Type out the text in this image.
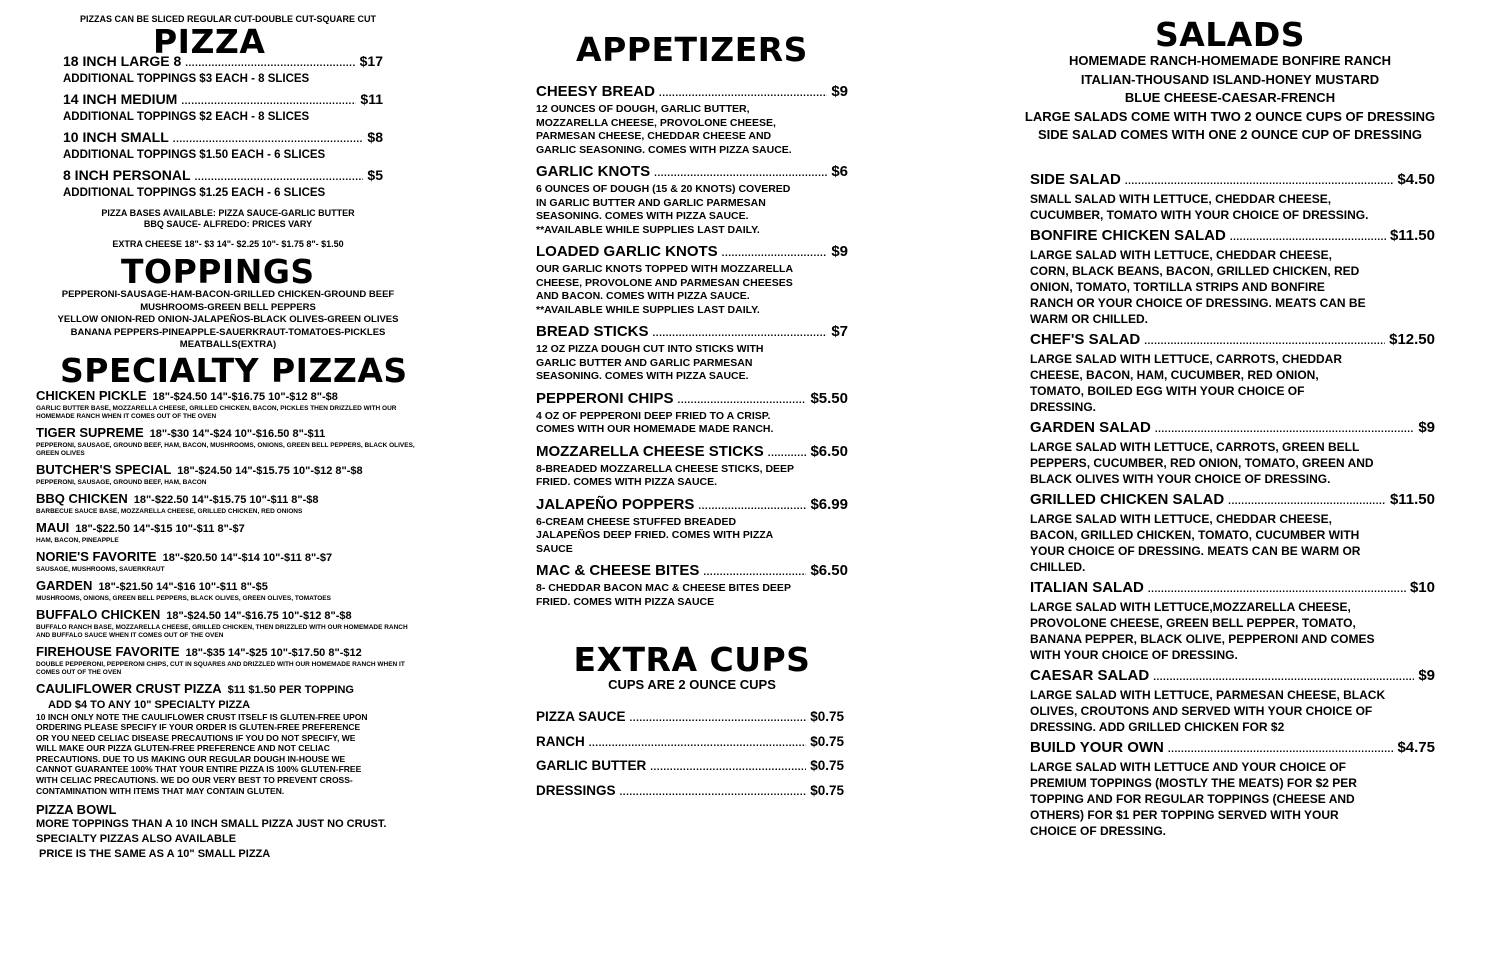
PIZZAS CAN BE SLICED REGULAR CUT-DOUBLE CUT-SQUARE CUT
PIZZA
18 INCH LARGE 8 .....	$17
ADDITIONAL TOPPINGS $3 EACH - 8 SLICES
14 INCH MEDIUM .....	$11
ADDITIONAL TOPPINGS $2 EACH - 8 SLICES
10 INCH SMALL .....	$8
ADDITIONAL TOPPINGS $1.50 EACH - 6 SLICES
8 INCH PERSONAL .....	$5
ADDITIONAL TOPPINGS $1.25 EACH - 6 SLICES
PIZZA BASES AVAILABLE: PIZZA SAUCE-GARLIC BUTTER
BBQ SAUCE- ALFREDO: PRICES VARY
EXTRA CHEESE 18"- $3 14"- $2.25 10"- $1.75 8"- $1.50
TOPPINGS
PEPPERONI-SAUSAGE-HAM-BACON-GRILLED CHICKEN-GROUND BEEF
MUSHROOMS-GREEN BELL PEPPERS
YELLOW ONION-RED ONION-JALAPEÑOS-BLACK OLIVES-GREEN OLIVES
BANANA PEPPERS-PINEAPPLE-SAUERKRAUT-TOMATOES-PICKLES
MEATBALLS(EXTRA)
SPECIALTY PIZZAS
CHICKEN PICKLE 18"-$24.50 14"-$16.75 10"-$12 8"-$8
GARLIC BUTTER BASE, MOZZARELLA CHEESE, GRILLED CHICKEN, BACON, PICKLES THEN DRIZZLED WITH OUR HOMEMADE RANCH WHEN IT COMES OUT OF THE OVEN
TIGER SUPREME 18"-$30 14"-$24 10"-$16.50 8"-$11
PEPPERONI, SAUSAGE, GROUND BEEF, HAM, BACON, MUSHROOMS, ONIONS, GREEN BELL PEPPERS, BLACK OLIVES, GREEN OLIVES
BUTCHER'S SPECIAL 18"-$24.50 14"-$15.75 10"-$12 8"-$8
PEPPERONI, SAUSAGE, GROUND BEEF, HAM, BACON
BBQ CHICKEN 18"-$22.50 14"-$15.75 10"-$11 8"-$8
BARBECUE SAUCE BASE, MOZZARELLA CHEESE, GRILLED CHICKEN, RED ONIONS
MAUI 18"-$22.50 14"-$15 10"-$11 8"-$7
HAM, BACON, PINEAPPLE
NORIE'S FAVORITE 18"-$20.50 14"-$14 10"-$11 8"-$7
SAUSAGE, MUSHROOMS, SAUERKRAUT
GARDEN 18"-$21.50 14"-$16 10"-$11 8"-$5
MUSHROOMS, ONIONS, GREEN BELL PEPPERS, BLACK OLIVES, GREEN OLIVES, TOMATOES
BUFFALO CHICKEN 18"-$24.50 14"-$16.75 10"-$12 8"-$8
BUFFALO RANCH BASE, MOZZARELLA CHEESE, GRILLED CHICKEN, THEN DRIZZLED WITH OUR HOMEMADE RANCH AND BUFFALO SAUCE WHEN IT COMES OUT OF THE OVEN
FIREHOUSE FAVORITE 18"-$35 14"-$25 10"-$17.50 8"-$12
DOUBLE PEPPERONI, PEPPERONI CHIPS, CUT IN SQUARES AND DRIZZLED WITH OUR HOMEMADE RANCH WHEN IT COMES OUT OF THE OVEN
CAULIFLOWER CRUST PIZZA $11 $1.50 PER TOPPING
ADD $4 TO ANY 10" SPECIALTY PIZZA
10 INCH ONLY NOTE THE CAULIFLOWER CRUST ITSELF IS GLUTEN-FREE UPON ORDERING PLEASE SPECIFY IF YOUR ORDER IS GLUTEN-FREE PREFERENCE OR YOU NEED CELIAC DISEASE PRECAUTIONS IF YOU DO NOT SPECIFY, WE WILL MAKE OUR PIZZA GLUTEN-FREE PREFERENCE AND NOT CELIAC PRECAUTIONS. DUE TO US MAKING OUR REGULAR DOUGH IN-HOUSE WE CANNOT GUARANTEE 100% THAT YOUR ENTIRE PIZZA IS 100% GLUTEN-FREE WITH CELIAC PRECAUTIONS. WE DO OUR VERY BEST TO PREVENT CROSS-CONTAMINATION WITH ITEMS THAT MAY CONTAIN GLUTEN.
PIZZA BOWL
MORE TOPPINGS THAN A 10 INCH SMALL PIZZA JUST NO CRUST.
SPECIALTY PIZZAS ALSO AVAILABLE
PRICE IS THE SAME AS A 10" SMALL PIZZA
APPETIZERS
CHEESY BREAD .....	$9
12 OUNCES OF DOUGH, GARLIC BUTTER, MOZZARELLA CHEESE, PROVOLONE CHEESE, PARMESAN CHEESE, CHEDDAR CHEESE AND GARLIC SEASONING. COMES WITH PIZZA SAUCE.
GARLIC KNOTS .....	$6
6 OUNCES OF DOUGH (15 & 20 KNOTS) COVERED IN GARLIC BUTTER AND GARLIC PARMESAN SEASONING. COMES WITH PIZZA SAUCE. **AVAILABLE WHILE SUPPLIES LAST DAILY.
LOADED GARLIC KNOTS .....	$9
OUR GARLIC KNOTS TOPPED WITH MOZZARELLA CHEESE, PROVOLONE AND PARMESAN CHEESES AND BACON. COMES WITH PIZZA SAUCE. **AVAILABLE WHILE SUPPLIES LAST DAILY.
BREAD STICKS .....	$7
12 OZ PIZZA DOUGH CUT INTO STICKS WITH GARLIC BUTTER AND GARLIC PARMESAN SEASONING. COMES WITH PIZZA SAUCE.
PEPPERONI CHIPS .....	$5.50
4 OZ OF PEPPERONI DEEP FRIED TO A CRISP. COMES WITH OUR HOMEMADE MADE RANCH.
MOZZARELLA CHEESE STICKS .....	$6.50
8-BREADED MOZZARELLA CHEESE STICKS, DEEP FRIED. COMES WITH PIZZA SAUCE.
JALAPEÑO POPPERS .....	$6.99
6-CREAM CHEESE STUFFED BREADED JALAPEÑOS DEEP FRIED. COMES WITH PIZZA SAUCE
MAC & CHEESE BITES .....	$6.50
8- CHEDDAR BACON MAC & CHEESE BITES DEEP FRIED. COMES WITH PIZZA SAUCE
EXTRA CUPS
CUPS ARE 2 OUNCE CUPS
PIZZA SAUCE .....	$0.75
RANCH .....	$0.75
GARLIC BUTTER .....	$0.75
DRESSINGS .....	$0.75
SALADS
HOMEMADE RANCH-HOMEMADE BONFIRE RANCH
ITALIAN-THOUSAND ISLAND-HONEY MUSTARD
BLUE CHEESE-CAESAR-FRENCH
LARGE SALADS COME WITH TWO 2 OUNCE CUPS OF DRESSING
SIDE SALAD COMES WITH ONE 2 OUNCE CUP OF DRESSING
SIDE SALAD .....	$4.50
SMALL SALAD WITH LETTUCE, CHEDDAR CHEESE, CUCUMBER, TOMATO WITH YOUR CHOICE OF DRESSING.
BONFIRE CHICKEN SALAD .....	$11.50
LARGE SALAD WITH LETTUCE, CHEDDAR CHEESE, CORN, BLACK BEANS, BACON, GRILLED CHICKEN, RED ONION, TOMATO, TORTILLA STRIPS AND BONFIRE RANCH OR YOUR CHOICE OF DRESSING. MEATS CAN BE WARM OR CHILLED.
CHEF'S SALAD .....	$12.50
LARGE SALAD WITH LETTUCE, CARROTS, CHEDDAR CHEESE, BACON, HAM, CUCUMBER, RED ONION, TOMATO, BOILED EGG WITH YOUR CHOICE OF DRESSING.
GARDEN SALAD .....	$9
LARGE SALAD WITH LETTUCE, CARROTS, GREEN BELL PEPPERS, CUCUMBER, RED ONION, TOMATO, GREEN AND BLACK OLIVES WITH YOUR CHOICE OF DRESSING.
GRILLED CHICKEN SALAD .....	$11.50
LARGE SALAD WITH LETTUCE, CHEDDAR CHEESE, BACON, GRILLED CHICKEN, TOMATO, CUCUMBER WITH YOUR CHOICE OF DRESSING. MEATS CAN BE WARM OR CHILLED.
ITALIAN SALAD .....	$10
LARGE SALAD WITH LETTUCE,MOZZARELLA CHEESE, PROVOLONE CHEESE, GREEN BELL PEPPER, TOMATO, BANANA PEPPER, BLACK OLIVE, PEPPERONI AND COMES WITH YOUR CHOICE OF DRESSING.
CAESAR SALAD .....	$9
LARGE SALAD WITH LETTUCE, PARMESAN CHEESE, BLACK OLIVES, CROUTONS AND SERVED WITH YOUR CHOICE OF DRESSING. ADD GRILLED CHICKEN FOR $2
BUILD YOUR OWN .....	$4.75
LARGE SALAD WITH LETTUCE AND YOUR CHOICE OF PREMIUM TOPPINGS (MOSTLY THE MEATS) FOR $2 PER TOPPING AND FOR REGULAR TOPPINGS (CHEESE AND OTHERS) FOR $1 PER TOPPING SERVED WITH YOUR CHOICE OF DRESSING.
